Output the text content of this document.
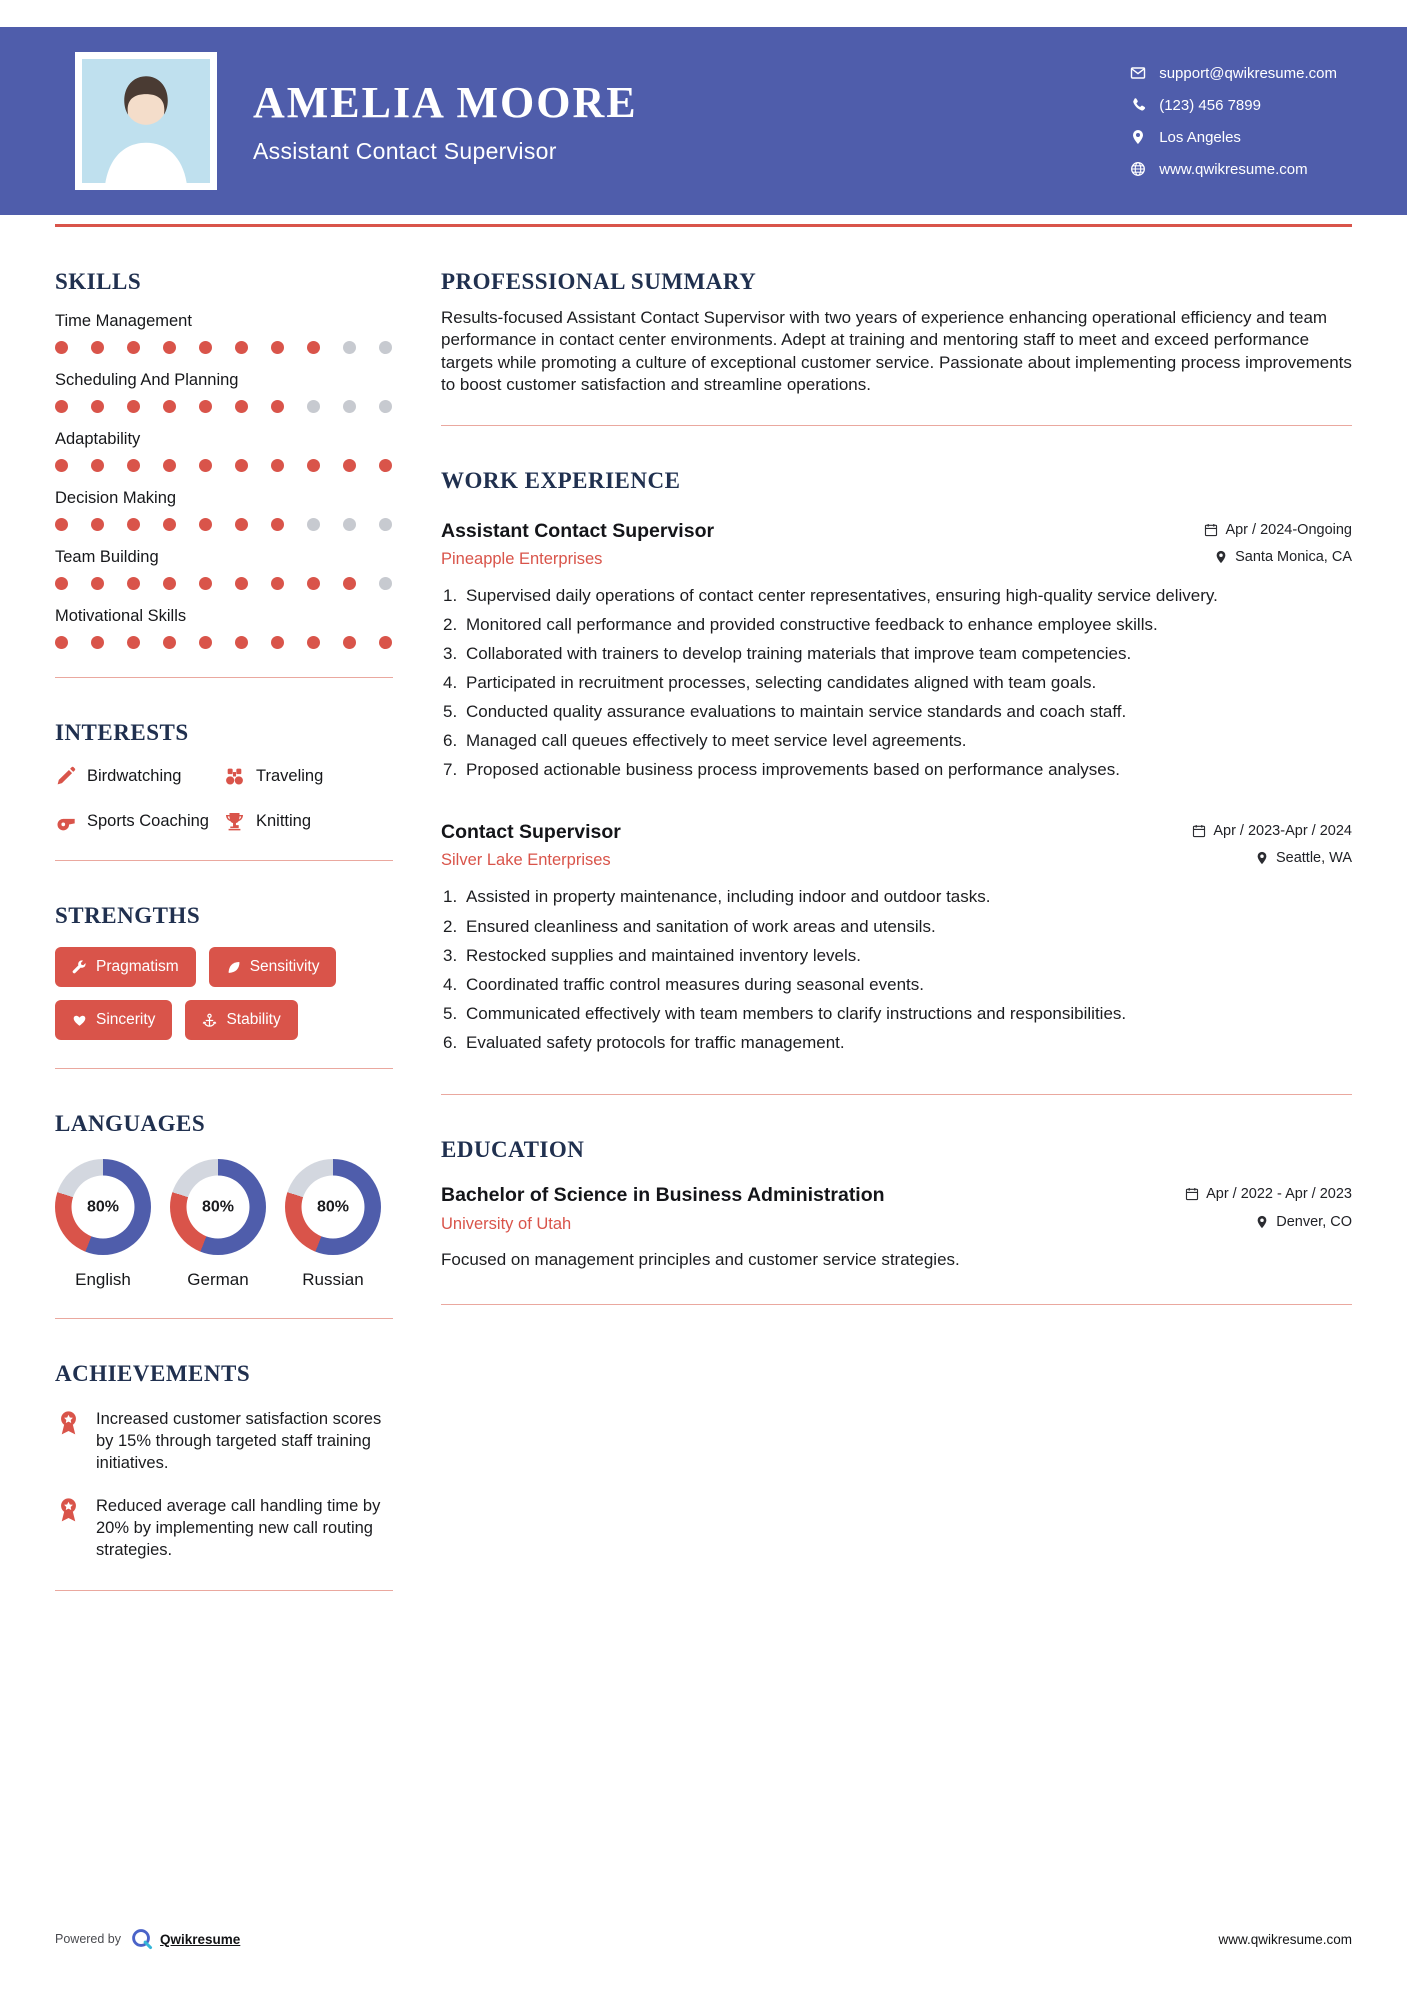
AMELIA MOORE
Assistant Contact Supervisor
support@qwikresume.com
(123) 456 7899
Los Angeles
www.qwikresume.com
SKILLS
Time Management
Scheduling And Planning
Adaptability
Decision Making
Team Building
Motivational Skills
INTERESTS
Birdwatching	Traveling
Sports Coaching	Knitting
STRENGTHS
Pragmatism	Sensitivity
Sincerity	Stability
LANGUAGES
80%
English
80%
German
80%
Russian
ACHIEVEMENTS
Increased customer satisfaction scores by 15% through targeted staff training initiatives.
Reduced average call handling time by 20% by implementing new call routing strategies.
PROFESSIONAL SUMMARY

Results-focused Assistant Contact Supervisor with two years of experience enhancing operational efficiency and team performance in contact center environments. Adept at training and mentoring staff to meet and exceed performance targets while promoting a culture of exceptional customer service. Passionate about implementing process improvements to boost customer satisfaction and streamline operations.

WORK EXPERIENCE
Assistant Contact Supervisor	Apr / 2024-Ongoing
Pineapple Enterprises	Santa Monica, CA
Supervised daily operations of contact center representatives, ensuring high-quality service delivery.
Monitored call performance and provided constructive feedback to enhance employee skills.
Collaborated with trainers to develop training materials that improve team competencies.
Participated in recruitment processes, selecting candidates aligned with team goals.
Conducted quality assurance evaluations to maintain service standards and coach staff.
Managed call queues effectively to meet service level agreements.
Proposed actionable business process improvements based on performance analyses.
Contact Supervisor	Apr / 2023-Apr / 2024
Silver Lake Enterprises	Seattle, WA
Assisted in property maintenance, including indoor and outdoor tasks.
Ensured cleanliness and sanitation of work areas and utensils.
Restocked supplies and maintained inventory levels.
Coordinated traffic control measures during seasonal events.
Communicated effectively with team members to clarify instructions and responsibilities.
Evaluated safety protocols for traffic management.
EDUCATION
Bachelor of Science in Business Administration	Apr / 2022 - Apr / 2023
University of Utah	Denver, CO
Focused on management principles and customer service strategies.
Powered by	Qwikresume	www.qwikresume.com
